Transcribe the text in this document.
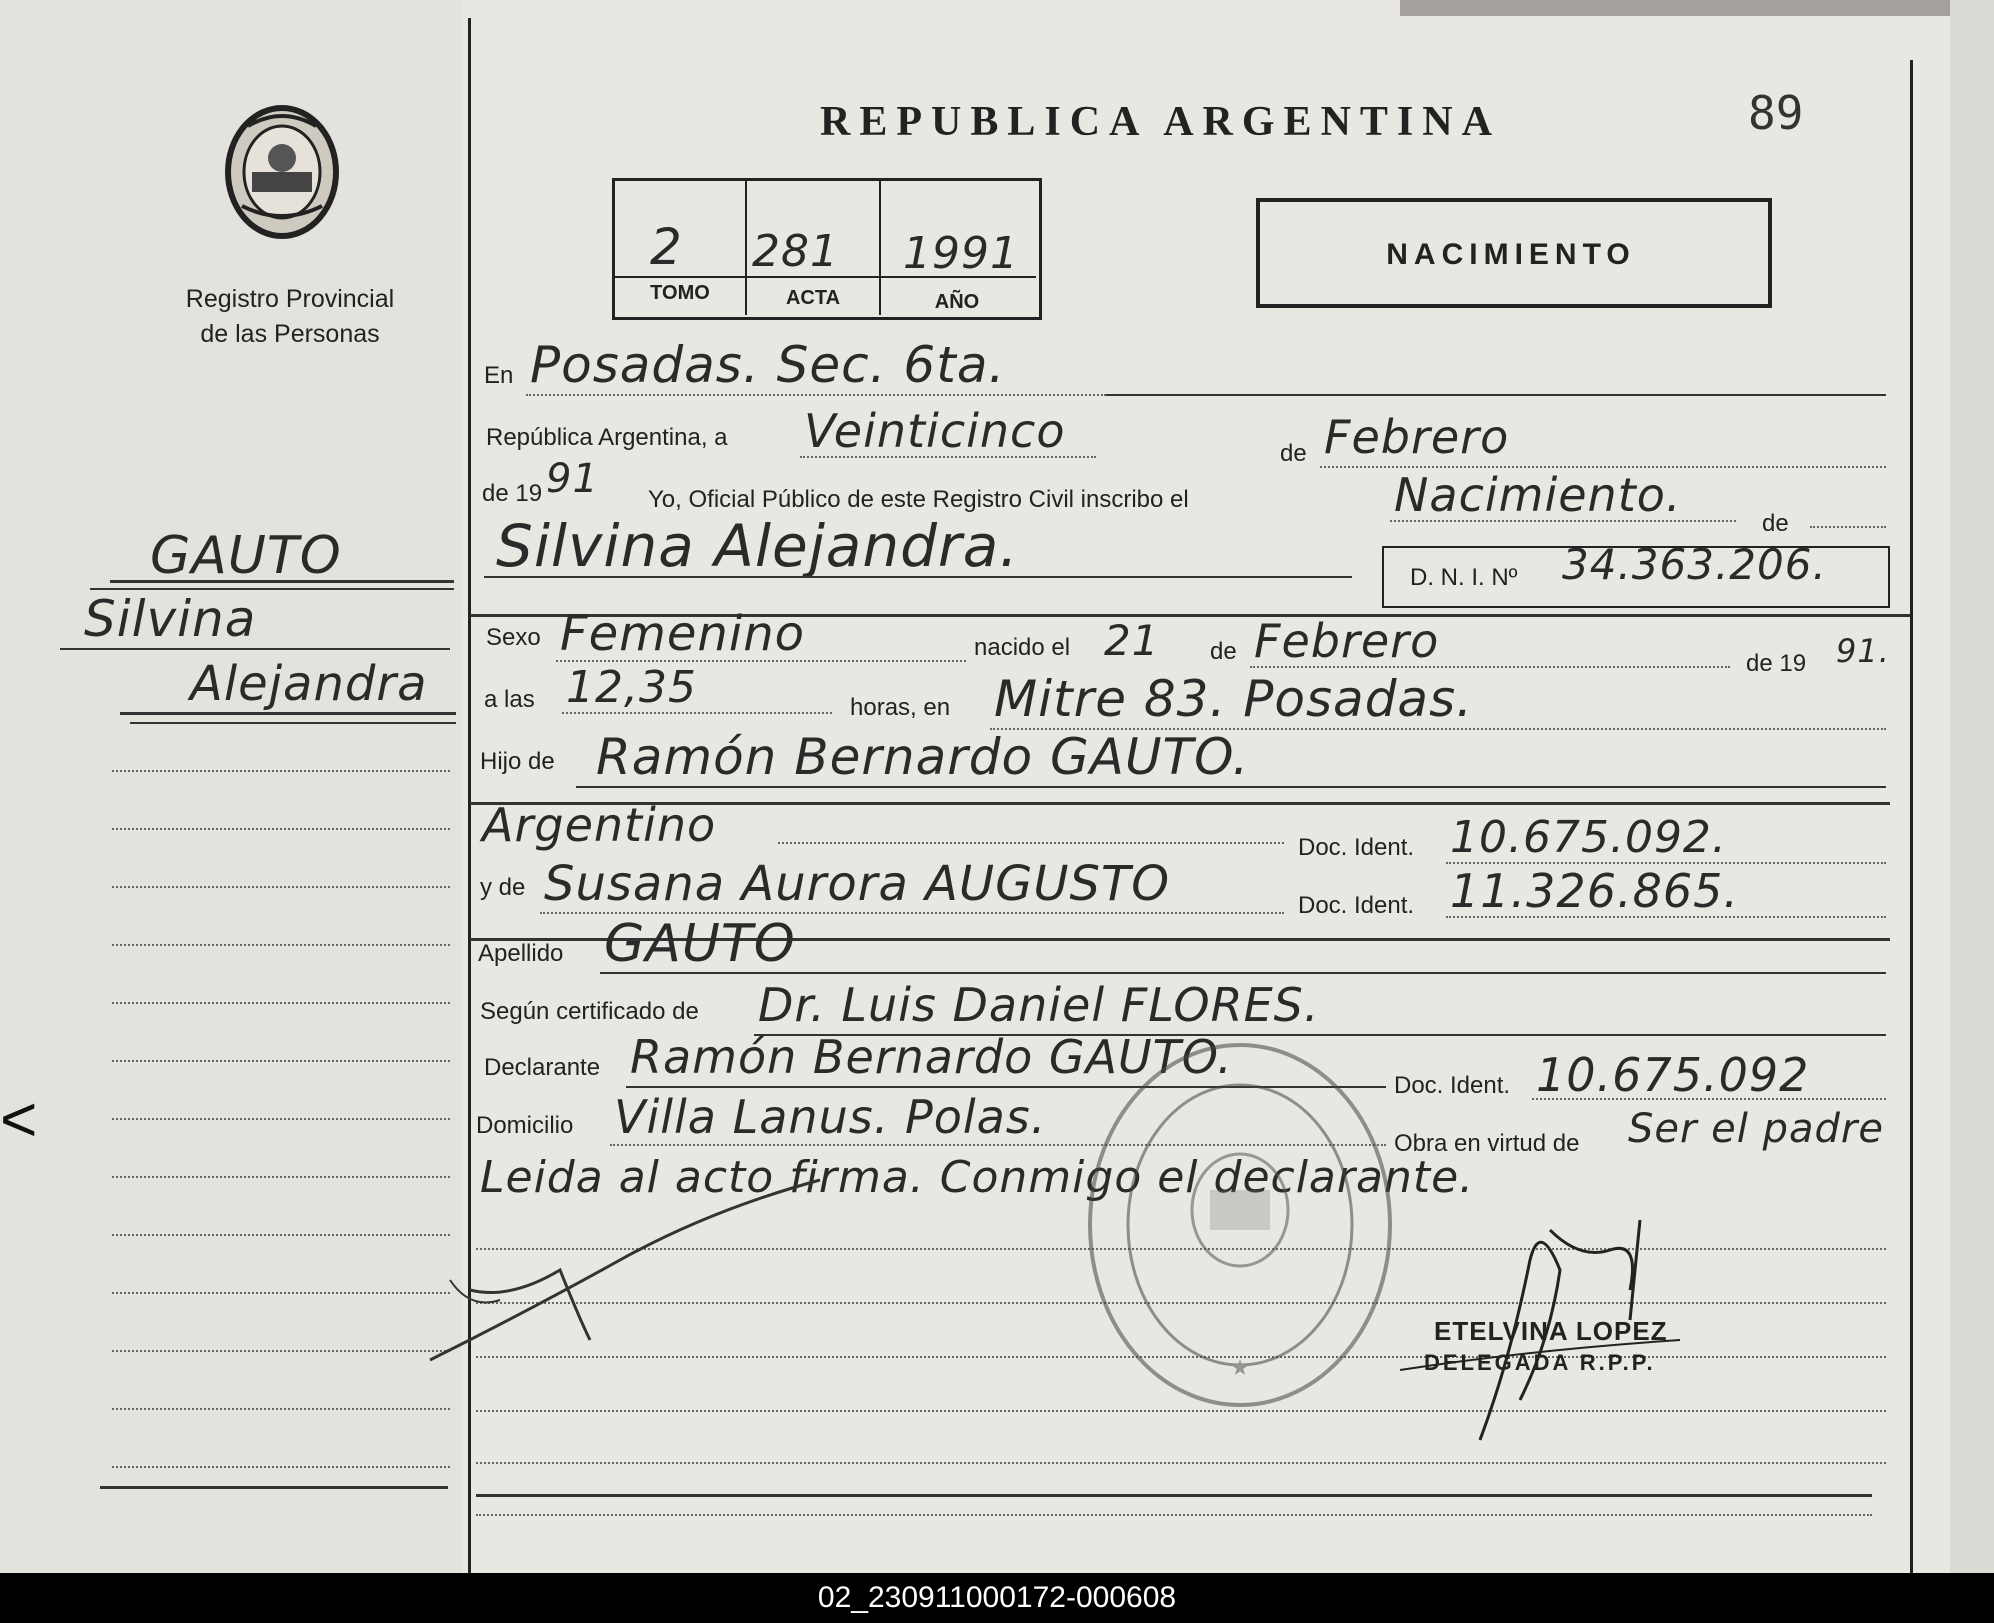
Registro Provincial
de las Personas
REPUBLICA ARGENTINA	89
2 281 1991
TOMO	ACTA	AÑO
NACIMIENTO
GAUTO
Silvina
Alejandra
En Posadas. Sec. 6ta.
República Argentina, a Veinticinco	de Febrero
de 19 91 Yo, Oficial Público de este Registro Civil inscribo el	Nacimiento.
de
Silvina Alejandra.	D. N. I. Nº 34.363.206.
Sexo Femenino	nacido el 21 de Febrero	de 19 91.
a las 12,35	horas, en Mitre 83. Posadas.
Hijo de Ramón Bernardo GAUTO.
Argentino	Doc. Ident. 10.675.092.
y de Susana Aurora AUGUSTO	Doc. Ident. 11.326.865.
Apellido GAUTO
Según certificado de Dr. Luis Daniel FLORES.
Declarante Ramón Bernardo GAUTO.
Doc. Ident. 10.675.092
Domicilio Villa Lanus. Polas.	Obra en virtud de Ser el padre
Leida al acto firma. Conmigo el declarante.
★
ETELVINA LOPEZ
DELEGADA R.P.P.
<
02_230911000172-000608
